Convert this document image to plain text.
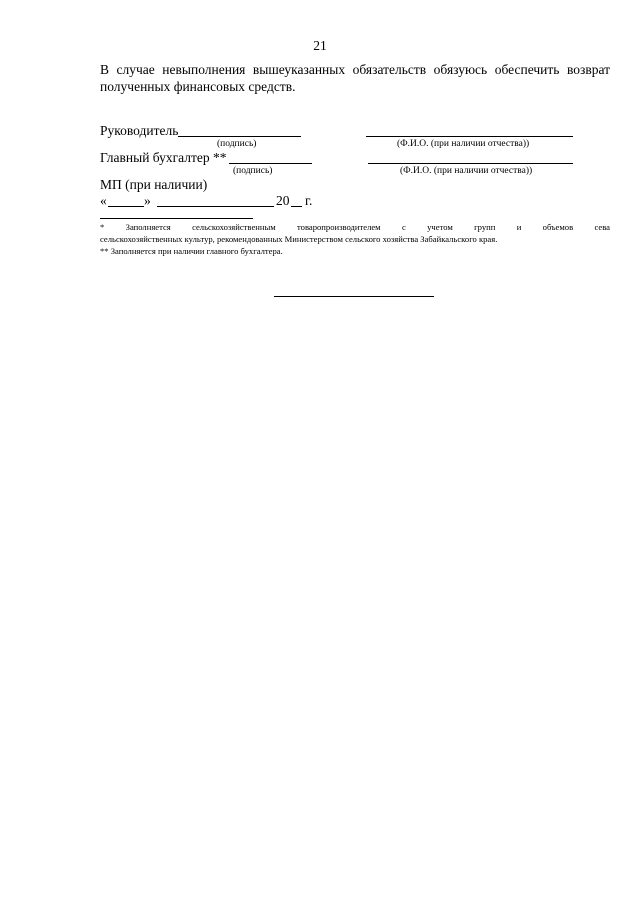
21
В случае невыполнения вышеуказанных обязательств обязуюсь обеспечить возврат
полученных финансовых средств.
Руководитель
(подпись)	(Ф.И.О. (при наличии отчества))
Главный бухгалтер **
(подпись)	(Ф.И.О. (при наличии отчества))
МП (при наличии)
«	»	20 г.
* Заполняется сельскохозяйственным товаропроизводителем с учетом групп и объемов сева
сельскохозяйственных культур, рекомендованных Министерством сельского хозяйства Забайкальского края.
** Заполняется при наличии главного бухгалтера.
